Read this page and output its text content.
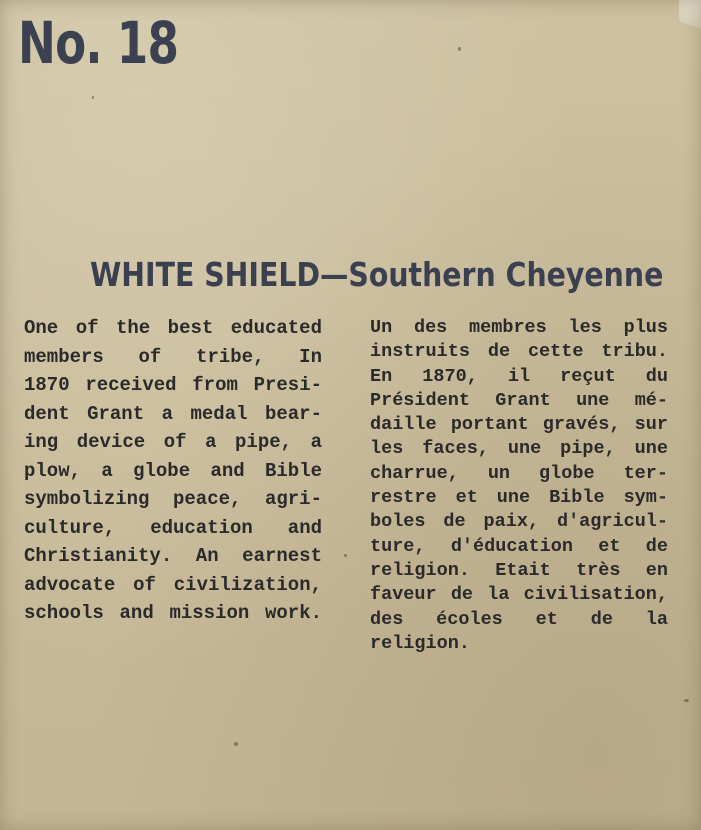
No. 18
WHITE SHIELD—Southern Cheyenne
One of the best educated
members of tribe, In
1870 received from Presi-
dent Grant a medal bear-
ing device of a pipe, a
plow, a globe and Bible
symbolizing peace, agri-
culture, education and
Christianity. An earnest
advocate of civilization,
schools and mission work.
Un des membres les plus
instruits de cette tribu.
En 1870, il reçut du
Président Grant une mé-
daille portant gravés, sur
les faces, une pipe, une
charrue, un globe ter-
restre et une Bible sym-
boles de paix, d'agricul-
ture, d'éducation et de
religion. Etait très en
faveur de la civilisation,
des écoles et de la
religion.
